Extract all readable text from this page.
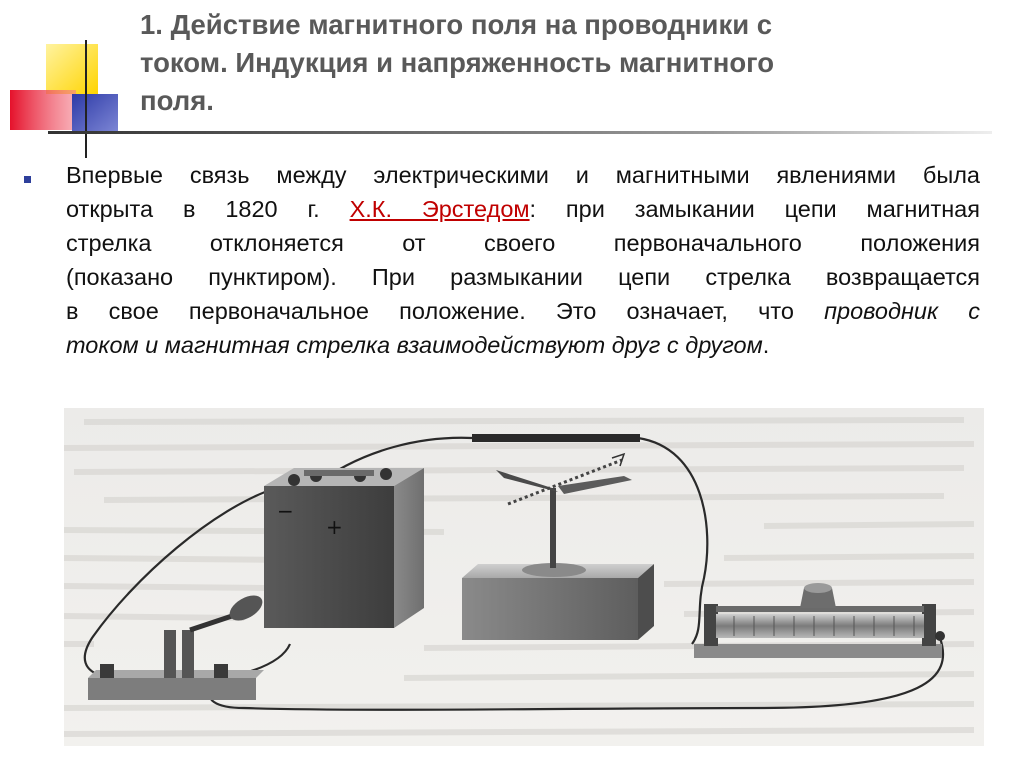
1. Действие магнитного поля на проводники с
током. Индукция и напряженность магнитного
поля.
Впервые связь между электрическими и магнитными явлениями была
открыта в 1820 г. Х.К. Эрстедом: при замыкании цепи магнитная
стрелка отклоняется от своего первоначального положения
(показано пунктиром). При размыкании цепи стрелка возвращается
в свое первоначальное положение. Это означает, что проводник с
током и магнитная стрелка взаимодействуют друг с другом.
−
+
